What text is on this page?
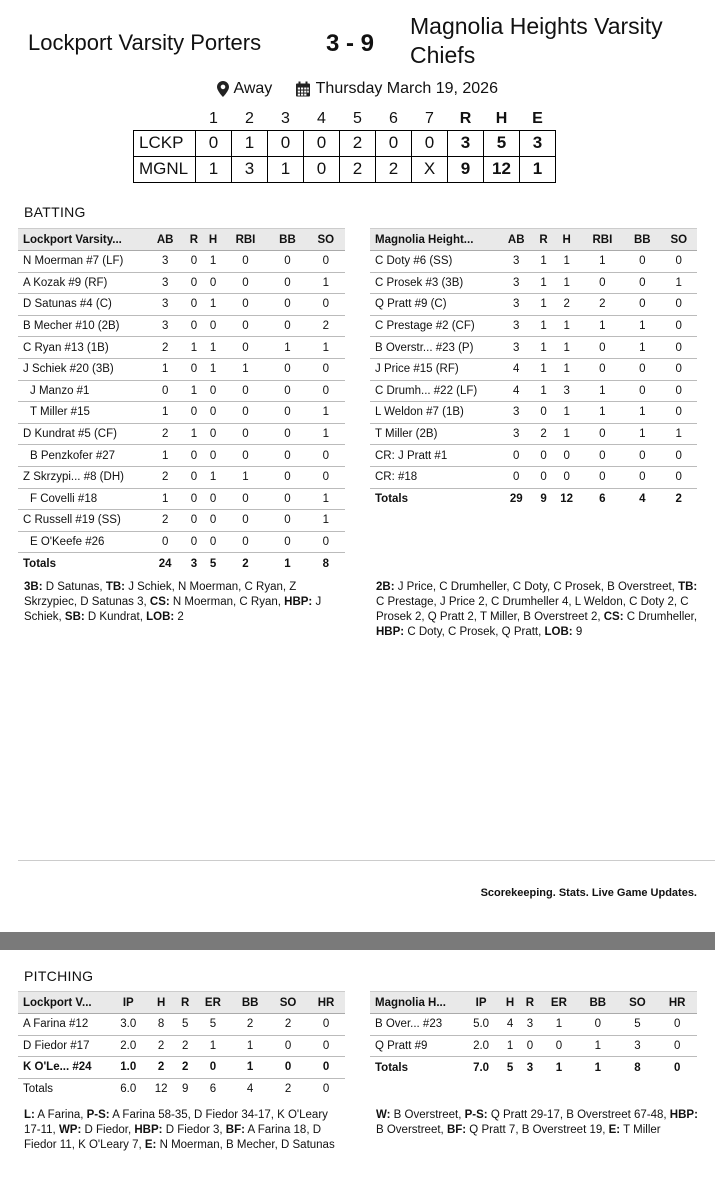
Lockport Varsity Porters	3 - 9
Magnolia Heights Varsity Chiefs
Away	Thursday March 19, 2026
	1	2	3	4	5	6	7	R	H	E
LCKP	0	1	0	0	2	0	0	3	5	3
MGNL	1	3	1	0	2	2	X	9	12	1
BATTING
Lockport Varsity...	AB	R	H	RBI	BB	SO
N Moerman #7 (LF)	3	0	1	0	0	0
A Kozak #9 (RF)	3	0	0	0	0	1
D Satunas #4 (C)	3	0	1	0	0	0
B Mecher #10 (2B)	3	0	0	0	0	2
C Ryan #13 (1B)	2	1	1	0	1	1
J Schiek #20 (3B)	1	0	1	1	0	0
J Manzo #1	0	1	0	0	0	0
T Miller #15	1	0	0	0	0	1
D Kundrat #5 (CF)	2	1	0	0	0	1
B Penzkofer #27	1	0	0	0	0	0
Z Skrzypi... #8 (DH)	2	0	1	1	0	0
F Covelli #18	1	0	0	0	0	1
C Russell #19 (SS)	2	0	0	0	0	1
E O'Keefe #26	0	0	0	0	0	0
Totals	24	3	5	2	1	8
Magnolia Height...	AB	R	H	RBI	BB	SO
C Doty #6 (SS)	3	1	1	1	0	0
C Prosek #3 (3B)	3	1	1	0	0	1
Q Pratt #9 (C)	3	1	2	2	0	0
C Prestage #2 (CF)	3	1	1	1	1	0
B Overstr... #23 (P)	3	1	1	0	1	0
J Price #15 (RF)	4	1	1	0	0	0
C Drumh... #22 (LF)	4	1	3	1	0	0
L Weldon #7 (1B)	3	0	1	1	1	0
T Miller (2B)	3	2	1	0	1	1
CR: J Pratt #1	0	0	0	0	0	0
CR: #18	0	0	0	0	0	0
Totals	29	9	12	6	4	2
3B: D Satunas, TB: J Schiek, N Moerman, C Ryan, Z Skrzypiec, D Satunas 3, CS: N Moerman, C Ryan, HBP: J Schiek, SB: D Kundrat, LOB: 2
2B: J Price, C Drumheller, C Doty, C Prosek, B Overstreet, TB: C Prestage, J Price 2, C Drumheller 4, L Weldon, C Doty 2, C Prosek 2, Q Pratt 2, T Miller, B Overstreet 2, CS: C Drumheller, HBP: C Doty, C Prosek, Q Pratt, LOB: 9
Scorekeeping. Stats. Live Game Updates.
PITCHING
Lockport V...	IP	H	R	ER	BB	SO	HR
A Farina #12	3.0	8	5	5	2	2	0
D Fiedor #17	2.0	2	2	1	1	0	0
K O'Le... #24	1.0	2	2	0	1	0	0
Totals	6.0	12	9	6	4	2	0
Magnolia H...	IP	H	R	ER	BB	SO	HR
B Over... #23	5.0	4	3	1	0	5	0
Q Pratt #9	2.0	1	0	0	1	3	0
Totals	7.0	5	3	1	1	8	0
L: A Farina, P-S: A Farina 58-35, D Fiedor 34-17, K O'Leary 17-11, WP: D Fiedor, HBP: D Fiedor 3, BF: A Farina 18, D Fiedor 11, K O'Leary 7, E: N Moerman, B Mecher, D Satunas
W: B Overstreet, P-S: Q Pratt 29-17, B Overstreet 67-48, HBP: B Overstreet, BF: Q Pratt 7, B Overstreet 19, E: T Miller
